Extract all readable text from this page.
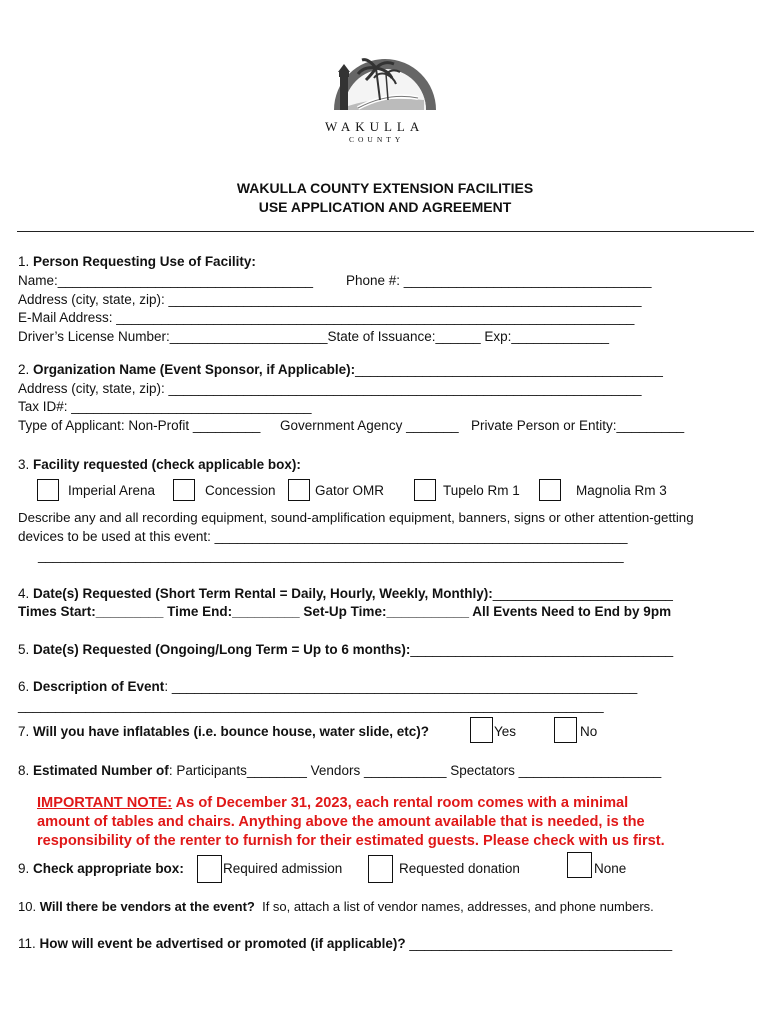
WAKULLA
COUNTY
WAKULLA COUNTY EXTENSION FACILITIES
USE APPLICATION AND AGREEMENT
1. Person Requesting Use of Facility:
Name:__________________________________ Phone #: _________________________________
Address (city, state, zip): _______________________________________________________________
E-Mail Address: _____________________________________________________________________
Driver’s License Number:_____________________State of Issuance:______ Exp:_____________
2. Organization Name (Event Sponsor, if Applicable):_________________________________________
Address (city, state, zip): _______________________________________________________________
Tax ID#: ________________________________
Type of Applicant: Non-Profit _________ Government Agency _______ Private Person or Entity:_________
3. Facility requested (check applicable box):
Imperial Arena	Concession	Gator OMR	Tupelo Rm 1	Magnolia Rm 3
Describe any and all recording equipment, sound-amplification equipment, banners, signs or other attention-getting
devices to be used at this event: _______________________________________________________
______________________________________________________________________________
4. Date(s) Requested (Short Term Rental = Daily, Hourly, Weekly, Monthly):________________________
Times Start:_________ Time End:_________ Set-Up Time:___________ All Events Need to End by 9pm
5. Date(s) Requested (Ongoing/Long Term = Up to 6 months):___________________________________
6. Description of Event: ______________________________________________________________
______________________________________________________________________________
7. Will you have inflatables (i.e. bounce house, water slide, etc)?	Yes	No
8. Estimated Number of: Participants________ Vendors ___________ Spectators ___________________
IMPORTANT NOTE: As of December 31, 2023, each rental room comes with a minimal
amount of tables and chairs. Anything above the amount available that is needed, is the
responsibility of the renter to furnish for their estimated guests. Please check with us first.
9. Check appropriate box:	Required admission	Requested donation	None
10. Will there be vendors at the event? If so, attach a list of vendor names, addresses, and phone numbers.
11. How will event be advertised or promoted (if applicable)? ___________________________________
